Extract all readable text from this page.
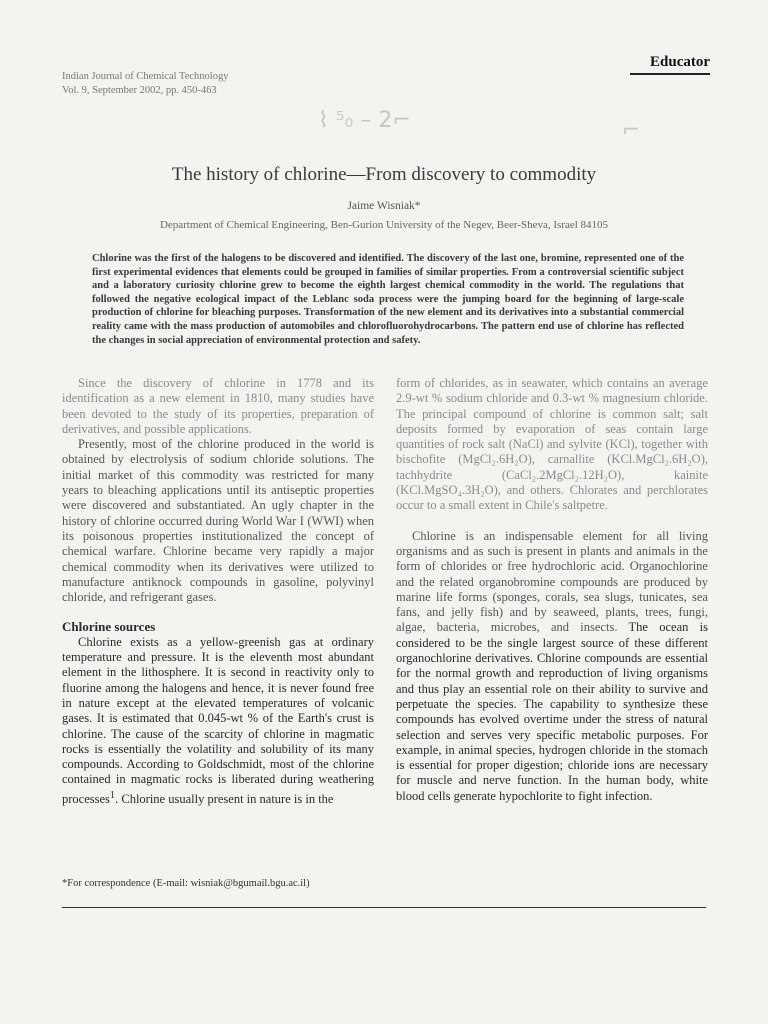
⌇ ⁵₀ – 2⌐	⌐
Educator
Indian Journal of Chemical Technology
Vol. 9, September 2002, pp. 450-463
The history of chlorine—From discovery to commodity
Jaime Wisniak*
Department of Chemical Engineering, Ben-Gurion University of the Negev, Beer-Sheva, Israel 84105
Chlorine was the first of the halogens to be discovered and identified. The discovery of the last one, bromine, represented one of the first experimental evidences that elements could be grouped in families of similar properties. From a controversial scientific subject and a laboratory curiosity chlorine grew to become the eighth largest chemical commodity in the world. The regulations that followed the negative ecological impact of the Leblanc soda process were the jumping board for the beginning of large-scale production of chlorine for bleaching purposes. Transformation of the new element and its derivatives into a substantial commercial reality came with the mass production of automobiles and chlorofluorohydrocarbons. The pattern end use of chlorine has reflected the changes in social appreciation of environmental protection and safety.

Since the discovery of chlorine in 1778 and its identification as a new element in 1810, many studies have been devoted to the study of its properties, preparation of derivatives, and possible applications.

Presently, most of the chlorine produced in the world is obtained by electrolysis of sodium chloride solutions. The initial market of this commodity was restricted for many years to bleaching applications until its antiseptic properties were discovered and substantiated. An ugly chapter in the history of chlorine occurred during World War I (WWI) when its poisonous properties institutionalized the concept of chemical warfare. Chlorine became very rapidly a major chemical commodity when its derivatives were utilized to manufacture antiknock compounds in gasoline, polyvinyl chloride, and refrigerant gases.

Chlorine sources

Chlorine exists as a yellow-greenish gas at ordinary temperature and pressure. It is the eleventh most abundant element in the lithosphere. It is second in reactivity only to fluorine among the halogens and hence, it is never found free in nature except at the elevated temperatures of volcanic gases. It is estimated that 0.045-wt % of the Earth's crust is chlorine. The cause of the scarcity of chlorine in magmatic rocks is essentially the volatility and solubility of its many compounds. According to Goldschmidt, most of the chlorine contained in magmatic rocks is liberated during weathering processes$^1$. Chlorine usually present in nature is in the

form of chlorides, as in seawater, which contains an average 2.9-wt % sodium chloride and 0.3-wt % magnesium chloride. The principal compound of chlorine is common salt; salt deposits formed by evaporation of seas contain large quantities of rock salt (NaCl) and sylvite (KCl), together with bischofite (MgCl₂.6H₂O), carnallite (KCl.MgCl₂.6H₂O), tachhydrite (CaCl₂.2MgCl₂.12H₂O), kainite (KCl.MgSO₄.3H₂O), and others. Chlorates and perchlorates occur to a small extent in Chile's saltpetre.

Chlorine is an indispensable element for all living organisms and as such is present in plants and animals in the form of chlorides or free hydrochloric acid. Organochlorine and the related organobromine compounds are produced by marine life forms (sponges, corals, sea slugs, tunicates, sea fans, and jelly fish) and by seaweed, plants, trees, fungi, algae, bacteria, microbes, and insects. The ocean is considered to be the single largest source of these different organochlorine derivatives. Chlorine compounds are essential for the normal growth and reproduction of living organisms and thus play an essential role on their ability to survive and perpetuate the species. The capability to synthesize these compounds has evolved overtime under the stress of natural selection and serves very specific metabolic purposes. For example, in animal species, hydrogen chloride in the stomach is essential for proper digestion; chloride ions are necessary for muscle and nerve function. In the human body, white blood cells generate hypochlorite to fight infection.

*For correspondence (E-mail: wisniak@bgumail.bgu.ac.il)
